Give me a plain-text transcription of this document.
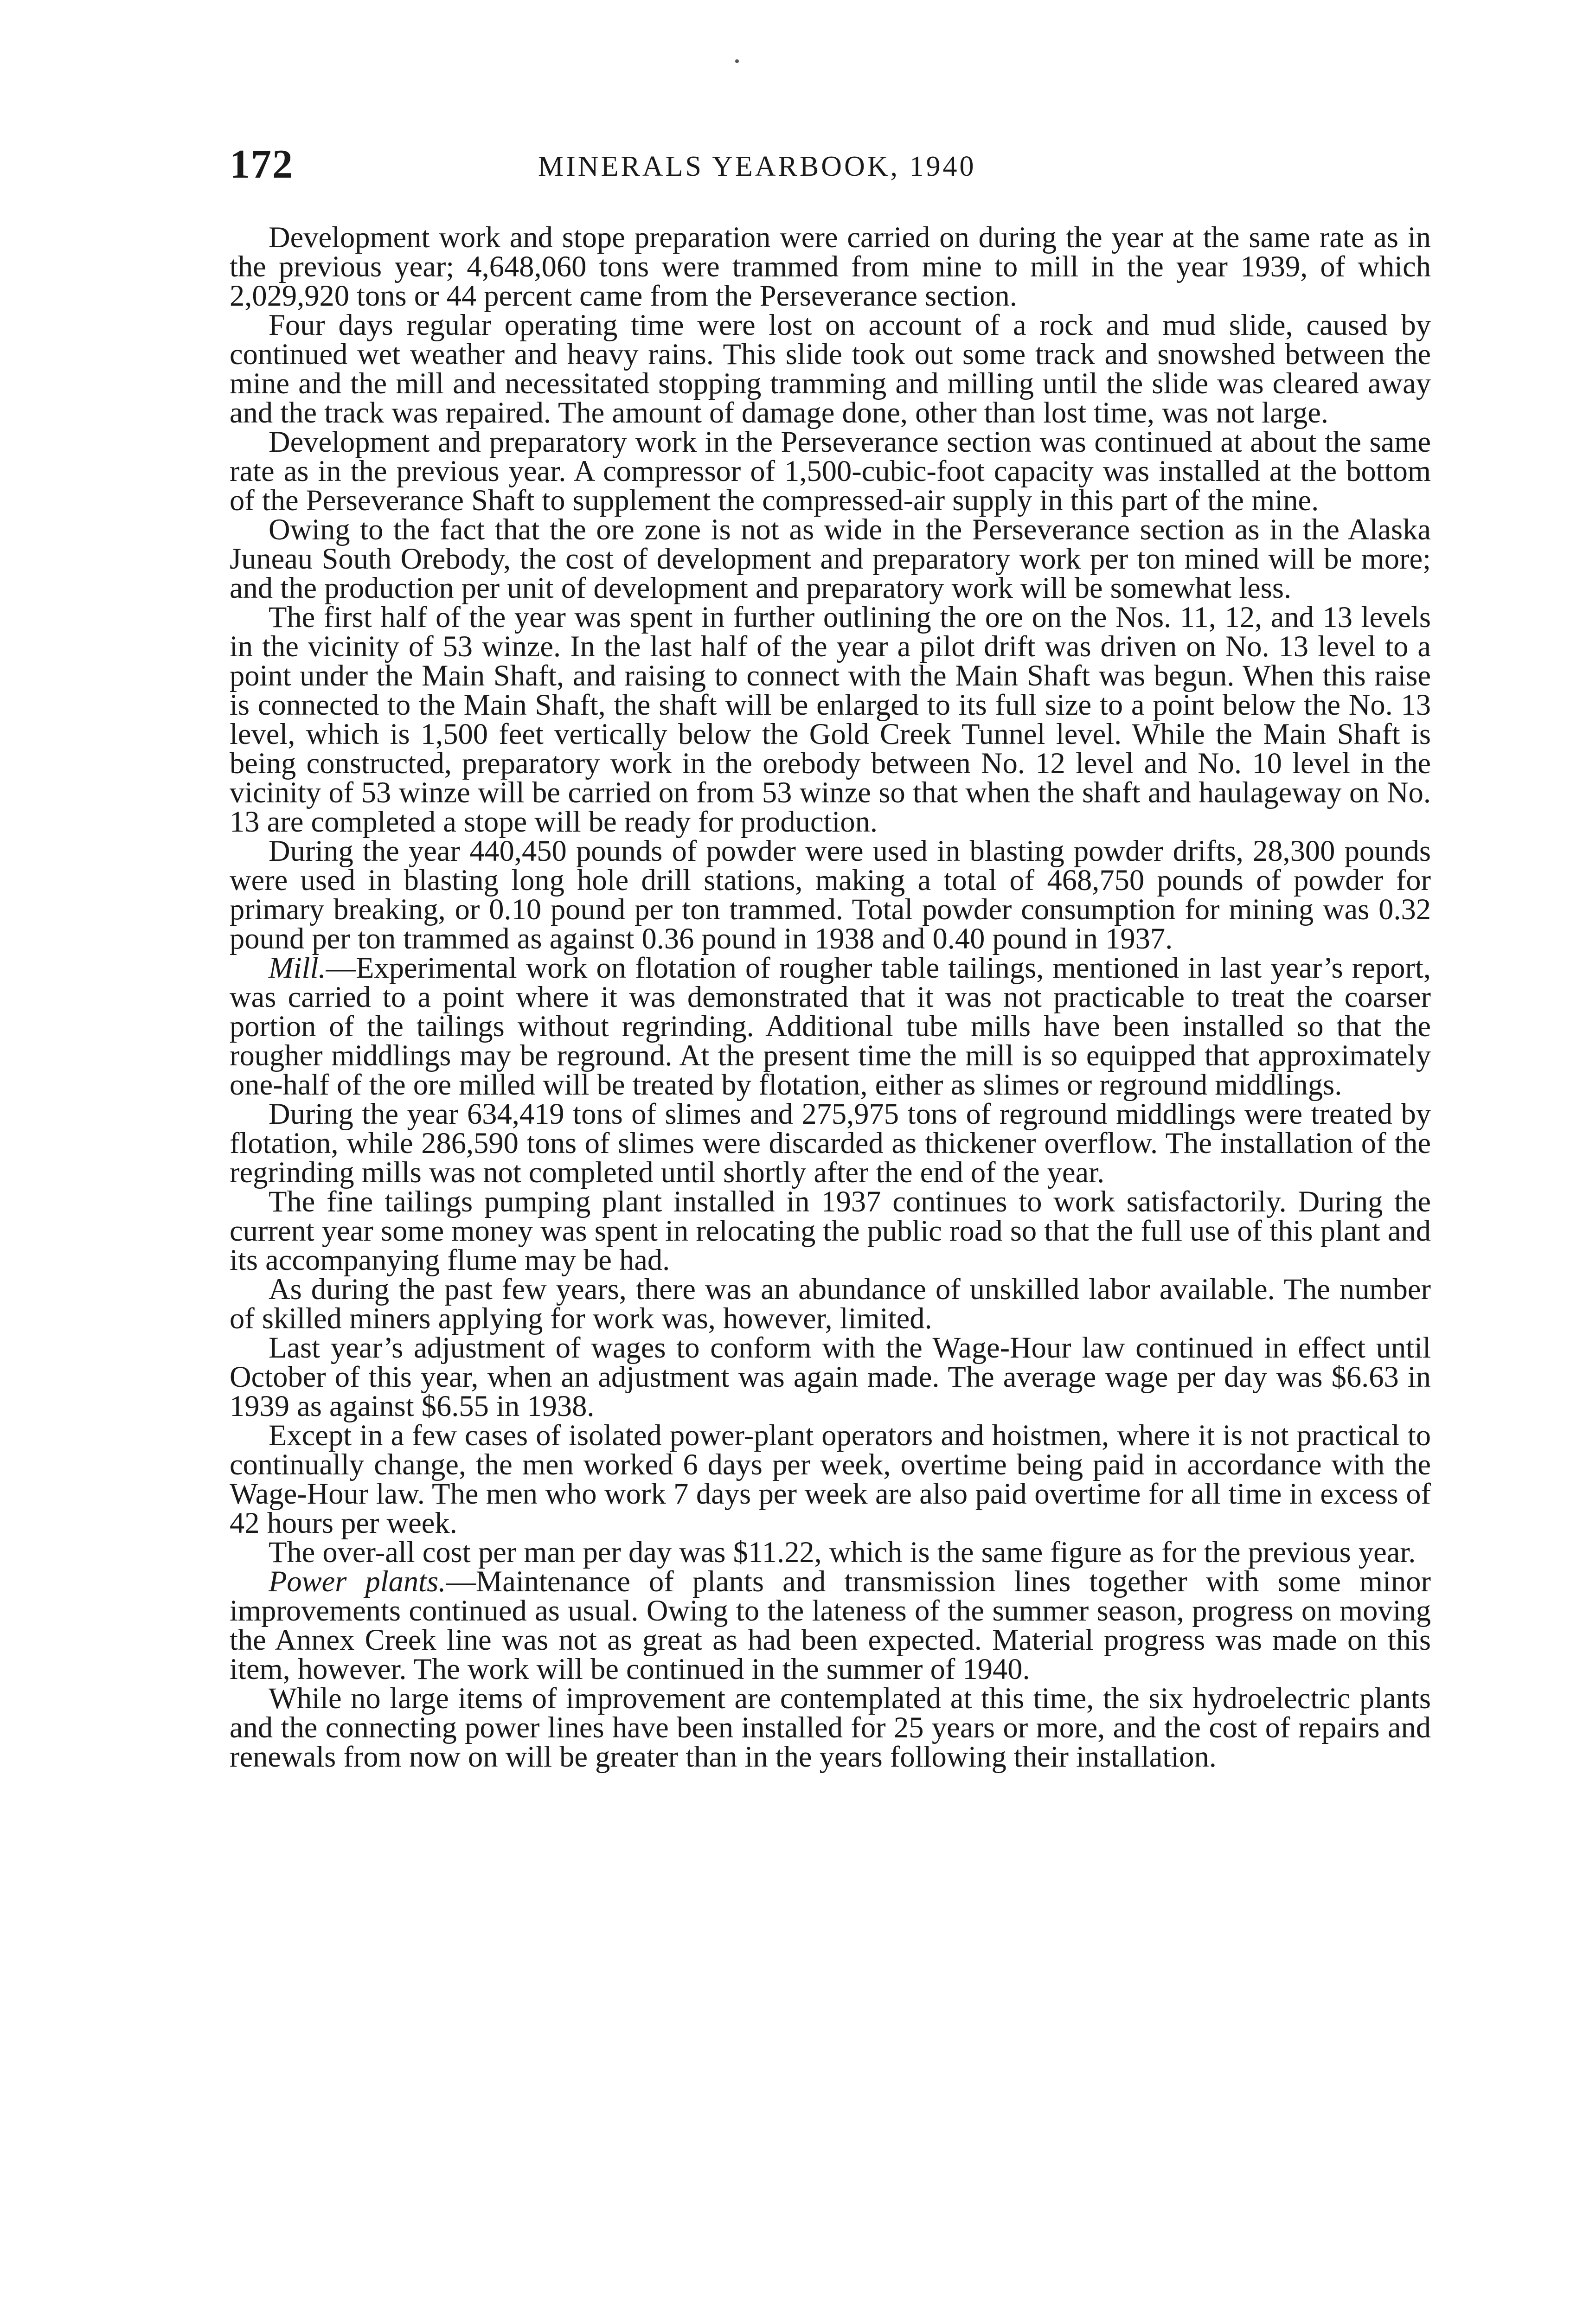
172	MINERALS YEARBOOK, 1940

Development work and stope preparation were carried on during the year at the same rate as in the previous year; 4,648,060 tons were trammed from mine to mill in the year 1939, of which 2,029,920 tons or 44 percent came from the Perseverance section.

Four days regular operating time were lost on account of a rock and mud slide, caused by continued wet weather and heavy rains. This slide took out some track and snowshed between the mine and the mill and necessitated stopping tramming and milling until the slide was cleared away and the track was repaired. The amount of damage done, other than lost time, was not large.

Development and preparatory work in the Perseverance section was continued at about the same rate as in the previous year. A compressor of 1,500-cubic-foot capacity was installed at the bottom of the Perseverance Shaft to supplement the compressed-air supply in this part of the mine.

Owing to the fact that the ore zone is not as wide in the Perseverance section as in the Alaska Juneau South Orebody, the cost of development and preparatory work per ton mined will be more; and the production per unit of development and preparatory work will be somewhat less.

The first half of the year was spent in further outlining the ore on the Nos. 11, 12, and 13 levels in the vicinity of 53 winze. In the last half of the year a pilot drift was driven on No. 13 level to a point under the Main Shaft, and raising to connect with the Main Shaft was begun. When this raise is connected to the Main Shaft, the shaft will be enlarged to its full size to a point below the No. 13 level, which is 1,500 feet vertically below the Gold Creek Tunnel level. While the Main Shaft is being constructed, preparatory work in the orebody between No. 12 level and No. 10 level in the vicinity of 53 winze will be carried on from 53 winze so that when the shaft and haulageway on No. 13 are completed a stope will be ready for production.

During the year 440,450 pounds of powder were used in blasting powder drifts, 28,300 pounds were used in blasting long hole drill stations, making a total of 468,750 pounds of powder for primary breaking, or 0.10 pound per ton trammed. Total powder consumption for mining was 0.32 pound per ton trammed as against 0.36 pound in 1938 and 0.40 pound in 1937.

Mill.—Experimental work on flotation of rougher table tailings, mentioned in last year’s report, was carried to a point where it was demonstrated that it was not practicable to treat the coarser portion of the tailings without regrinding. Additional tube mills have been installed so that the rougher middlings may be reground. At the present time the mill is so equipped that approximately one-half of the ore milled will be treated by flotation, either as slimes or reground middlings.

During the year 634,419 tons of slimes and 275,975 tons of reground middlings were treated by flotation, while 286,590 tons of slimes were discarded as thickener overflow. The installation of the regrinding mills was not completed until shortly after the end of the year.

The fine tailings pumping plant installed in 1937 continues to work satisfactorily. During the current year some money was spent in relocating the public road so that the full use of this plant and its accompanying flume may be had.

As during the past few years, there was an abundance of unskilled labor available. The number of skilled miners applying for work was, however, limited.

Last year’s adjustment of wages to conform with the Wage-Hour law continued in effect until October of this year, when an adjustment was again made. The average wage per day was $6.63 in 1939 as against $6.55 in 1938.

Except in a few cases of isolated power-plant operators and hoistmen, where it is not practical to continually change, the men worked 6 days per week, overtime being paid in accordance with the Wage-Hour law. The men who work 7 days per week are also paid overtime for all time in excess of 42 hours per week.

The over-all cost per man per day was $11.22, which is the same figure as for the previous year.

Power plants.—Maintenance of plants and transmission lines together with some minor improvements continued as usual. Owing to the lateness of the summer season, progress on moving the Annex Creek line was not as great as had been expected. Material progress was made on this item, however. The work will be continued in the summer of 1940.

While no large items of improvement are contemplated at this time, the six hydroelectric plants and the connecting power lines have been installed for 25 years or more, and the cost of repairs and renewals from now on will be greater than in the years following their installation.
